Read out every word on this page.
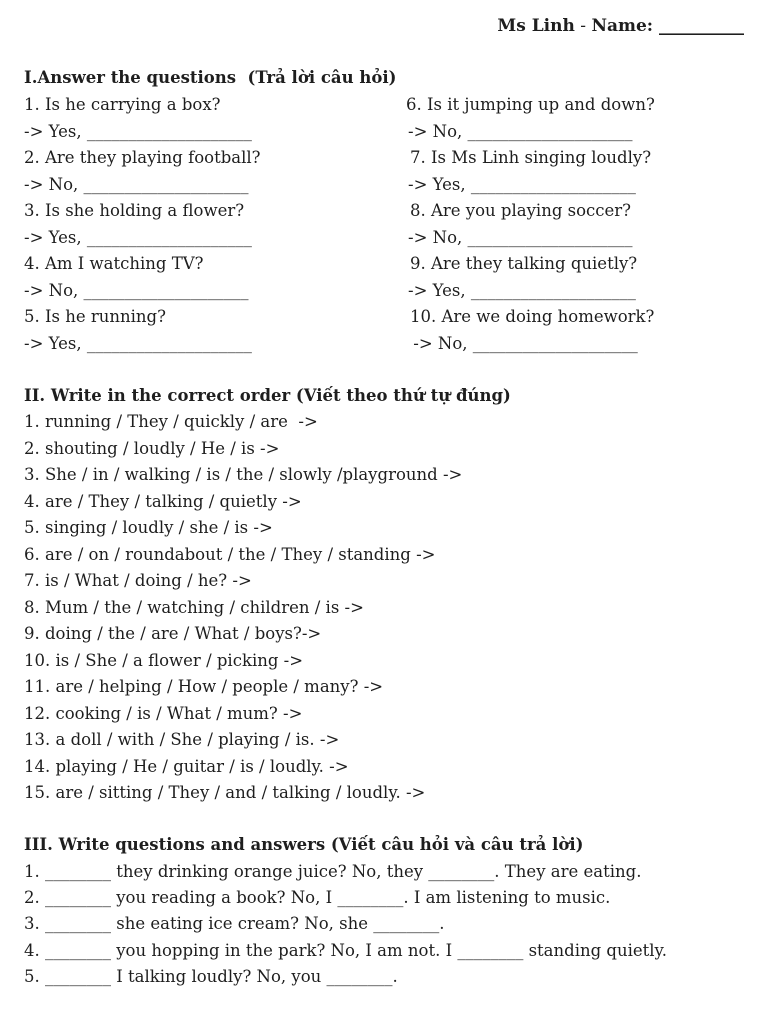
Ms Linh - Name: __________
I.Answer the questions  (Trả lời câu hỏi)
1. Is he carrying a box?
-> Yes, ____________________
2. Are they playing football?
-> No, ____________________
3. Is she holding a flower?
-> Yes, ____________________
4. Am I watching TV?
-> No, ____________________
5. Is he running?
-> Yes, ____________________
6. Is it jumping up and down?
-> No, ____________________
7. Is Ms Linh singing loudly?
-> Yes, ____________________
8. Are you playing soccer?
-> No, ____________________
9. Are they talking quietly?
-> Yes, ____________________
10. Are we doing homework?
-> No, ____________________
II. Write in the correct order (Viết theo thứ tự đúng)
1. running / They / quickly / are  ->
2. shouting / loudly / He / is ->
3. She / in / walking / is / the / slowly /playground ->
4. are / They / talking / quietly ->
5. singing / loudly / she / is ->
6. are / on / roundabout / the / They / standing ->
7. is / What / doing / he? ->
8. Mum / the / watching / children / is ->
9. doing / the / are / What / boys?->
10. is / She / a flower / picking ->
11. are / helping / How / people / many? ->
12. cooking / is / What / mum? ->
13. a doll / with / She / playing / is. ->
14. playing / He / guitar / is / loudly. ->
15. are / sitting / They / and / talking / loudly. ->
III. Write questions and answers (Viết câu hỏi và câu trả lời)
1. ________ they drinking orange juice? No, they ________. They are eating.
2. ________ you reading a book? No, I ________. I am listening to music.
3. ________ she eating ice cream? No, she ________.
4. ________ you hopping in the park? No, I am not. I ________ standing quietly.
5. ________ I talking loudly? No, you ________.
